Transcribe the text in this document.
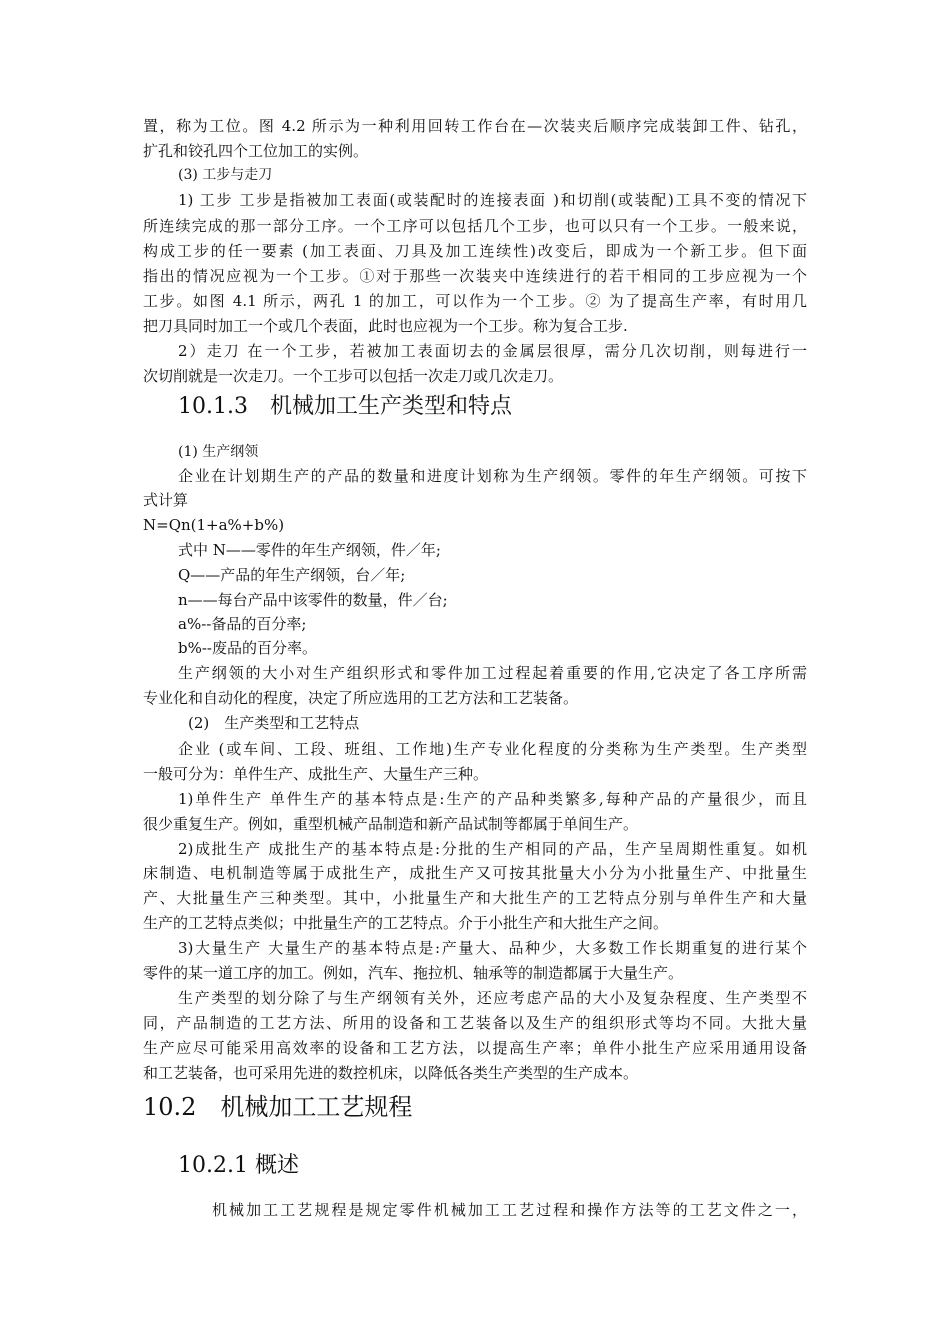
置，称为工位。图 4.2 所示为一种利用回转工作台在—次装夹后顺序完成装卸工件、钻孔，
扩孔和铰孔四个工位加工的实例。
(3) 工步与走刀
1) 工步 工步是指被加工表面(或装配时的连接表面 )和切削(或装配)工具不变的情况下
所连续完成的那一部分工序。一个工序可以包括几个工步，也可以只有一个工步。一般来说，
构成工步的任一要素 (加工表面、刀具及加工连续性)改变后，即成为一个新工步。但下面
指出的情况应视为一个工步。①对于那些一次装夹中连续进行的若干相同的工步应视为一个
工步。如图 4.1 所示，两孔 1 的加工，可以作为一个工步。② 为了提高生产率，有时用几
把刀具同时加工一个或几个表面，此时也应视为一个工步。称为复合工步.
2）走刀 在一个工步，若被加工表面切去的金属层很厚，需分几次切削，则每进行一
次切削就是一次走刀。一个工步可以包括一次走刀或几次走刀。
10.1.3　机械加工生产类型和特点
(1) 生产纲领
企业在计划期生产的产品的数量和进度计划称为生产纲领。零件的年生产纲领。可按下
式计算
N=Qn(1+a%+b%)
式中 N——零件的年生产纲领，件／年;
Q——产品的年生产纲领，台／年;
n——每台产品中该零件的数量，件／台;
a%--备品的百分率;
b%--废品的百分率。
生产纲领的大小对生产组织形式和零件加工过程起着重要的作用,它决定了各工序所需
专业化和自动化的程度，决定了所应选用的工艺方法和工艺装备。
(2)　生产类型和工艺特点
企业 (或车间、工段、班组、工作地)生产专业化程度的分类称为生产类型。生产类型
一般可分为：单件生产、成批生产、大量生产三种。
1)单件生产 单件生产的基本特点是:生产的产品种类繁多,每种产品的产量很少，而且
很少重复生产。例如，重型机械产品制造和新产品试制等都属于单间生产。
2)成批生产 成批生产的基本特点是:分批的生产相同的产品，生产呈周期性重复。如机
床制造、电机制造等属于成批生产，成批生产又可按其批量大小分为小批量生产、中批量生
产、大批量生产三种类型。其中，小批量生产和大批生产的工艺特点分别与单件生产和大量
生产的工艺特点类似；中批量生产的工艺特点。介于小批生产和大批生产之间。
3)大量生产 大量生产的基本特点是:产量大、品种少，大多数工作长期重复的进行某个
零件的某一道工序的加工。例如，汽车、拖拉机、轴承等的制造都属于大量生产。
生产类型的划分除了与生产纲领有关外，还应考虑产品的大小及复杂程度、生产类型不
同，产品制造的工艺方法、所用的设备和工艺装备以及生产的组织形式等均不同。大批大量
生产应尽可能采用高效率的设备和工艺方法，以提高生产率；单件小批生产应采用通用设备
和工艺装备，也可采用先进的数控机床，以降低各类生产类型的生产成本。
10.2　机械加工工艺规程
10.2.1 概述
机械加工工艺规程是规定零件机械加工工艺过程和操作方法等的工艺文件之一，
